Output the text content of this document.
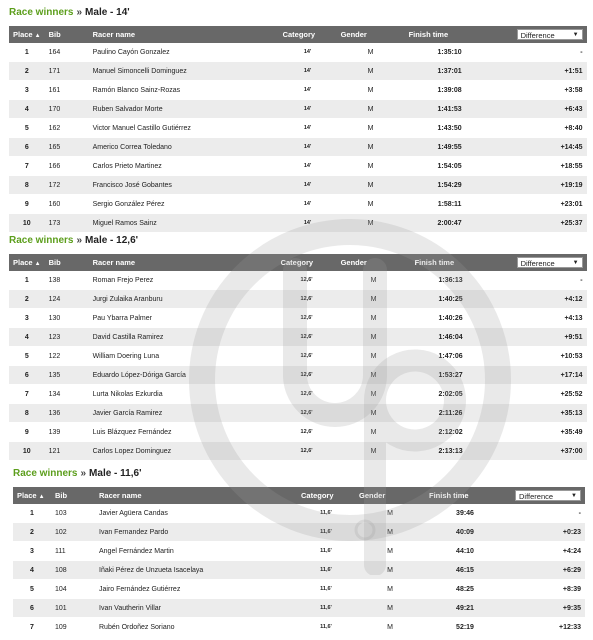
Race winners » Male - 14'
Place ▲	Bib	Racer name	Category	Gender	Finish time	Difference ▼

1	164	Paulino Cayón Gonzalez	14'	M	1:35:10	-
2	171	Manuel Simoncelli Dominguez	14'	M	1:37:01	+1:51
3	161	Ramón Blanco Sainz-Rozas	14'	M	1:39:08	+3:58
4	170	Ruben Salvador Morte	14'	M	1:41:53	+6:43
5	162	Victor Manuel Castillo Gutiérrez	14'	M	1:43:50	+8:40
6	165	Americo Correa Toledano	14'	M	1:49:55	+14:45
7	166	Carlos Prieto Martinez	14'	M	1:54:05	+18:55
8	172	Francisco José Gobantes	14'	M	1:54:29	+19:19
9	160	Sergio González Pérez	14'	M	1:58:11	+23:01
10	173	Miguel Ramos Sainz	14'	M	2:00:47	+25:37
Race winners » Male - 12,6'
Place ▲	Bib	Racer name	Category	Gender	Finish time	Difference ▼

1	138	Roman Frejo Perez	12,6'	M	1:36:13	-
2	124	Jurgi Zulaika Aranburu	12,6'	M	1:40:25	+4:12
3	130	Pau Ybarra Palmer	12,6'	M	1:40:26	+4:13
4	123	David Castilla Ramirez	12,6'	M	1:46:04	+9:51
5	122	William Doering Luna	12,6'	M	1:47:06	+10:53
6	135	Eduardo López-Dóriga García	12,6'	M	1:53:27	+17:14
7	134	Lurta Nikolas Ezkurdia	12,6'	M	2:02:05	+25:52
8	136	Javier García Ramirez	12,6'	M	2:11:26	+35:13
9	139	Luis Blázquez Fernández	12,6'	M	2:12:02	+35:49
10	121	Carlos Lopez Dominguez	12,6'	M	2:13:13	+37:00
Race winners » Male - 11,6'
Place ▲	Bib	Racer name	Category	Gender	Finish time	Difference ▼

1	103	Javier Agüera Candas	11,6'	M	39:46	-
2	102	Ivan Fernandez Pardo	11,6'	M	40:09	+0:23
3	111	Angel Fernández Martin	11,6'	M	44:10	+4:24
4	108	Iñaki Pérez de Unzueta Isacelaya	11,6'	M	46:15	+6:29
5	104	Jairo Fernández Gutiérrez	11,6'	M	48:25	+8:39
6	101	Ivan Vautherin Villar	11,6'	M	49:21	+9:35
7	109	Rubén Ordoñez Soriano	11,6'	M	52:19	+12:33
